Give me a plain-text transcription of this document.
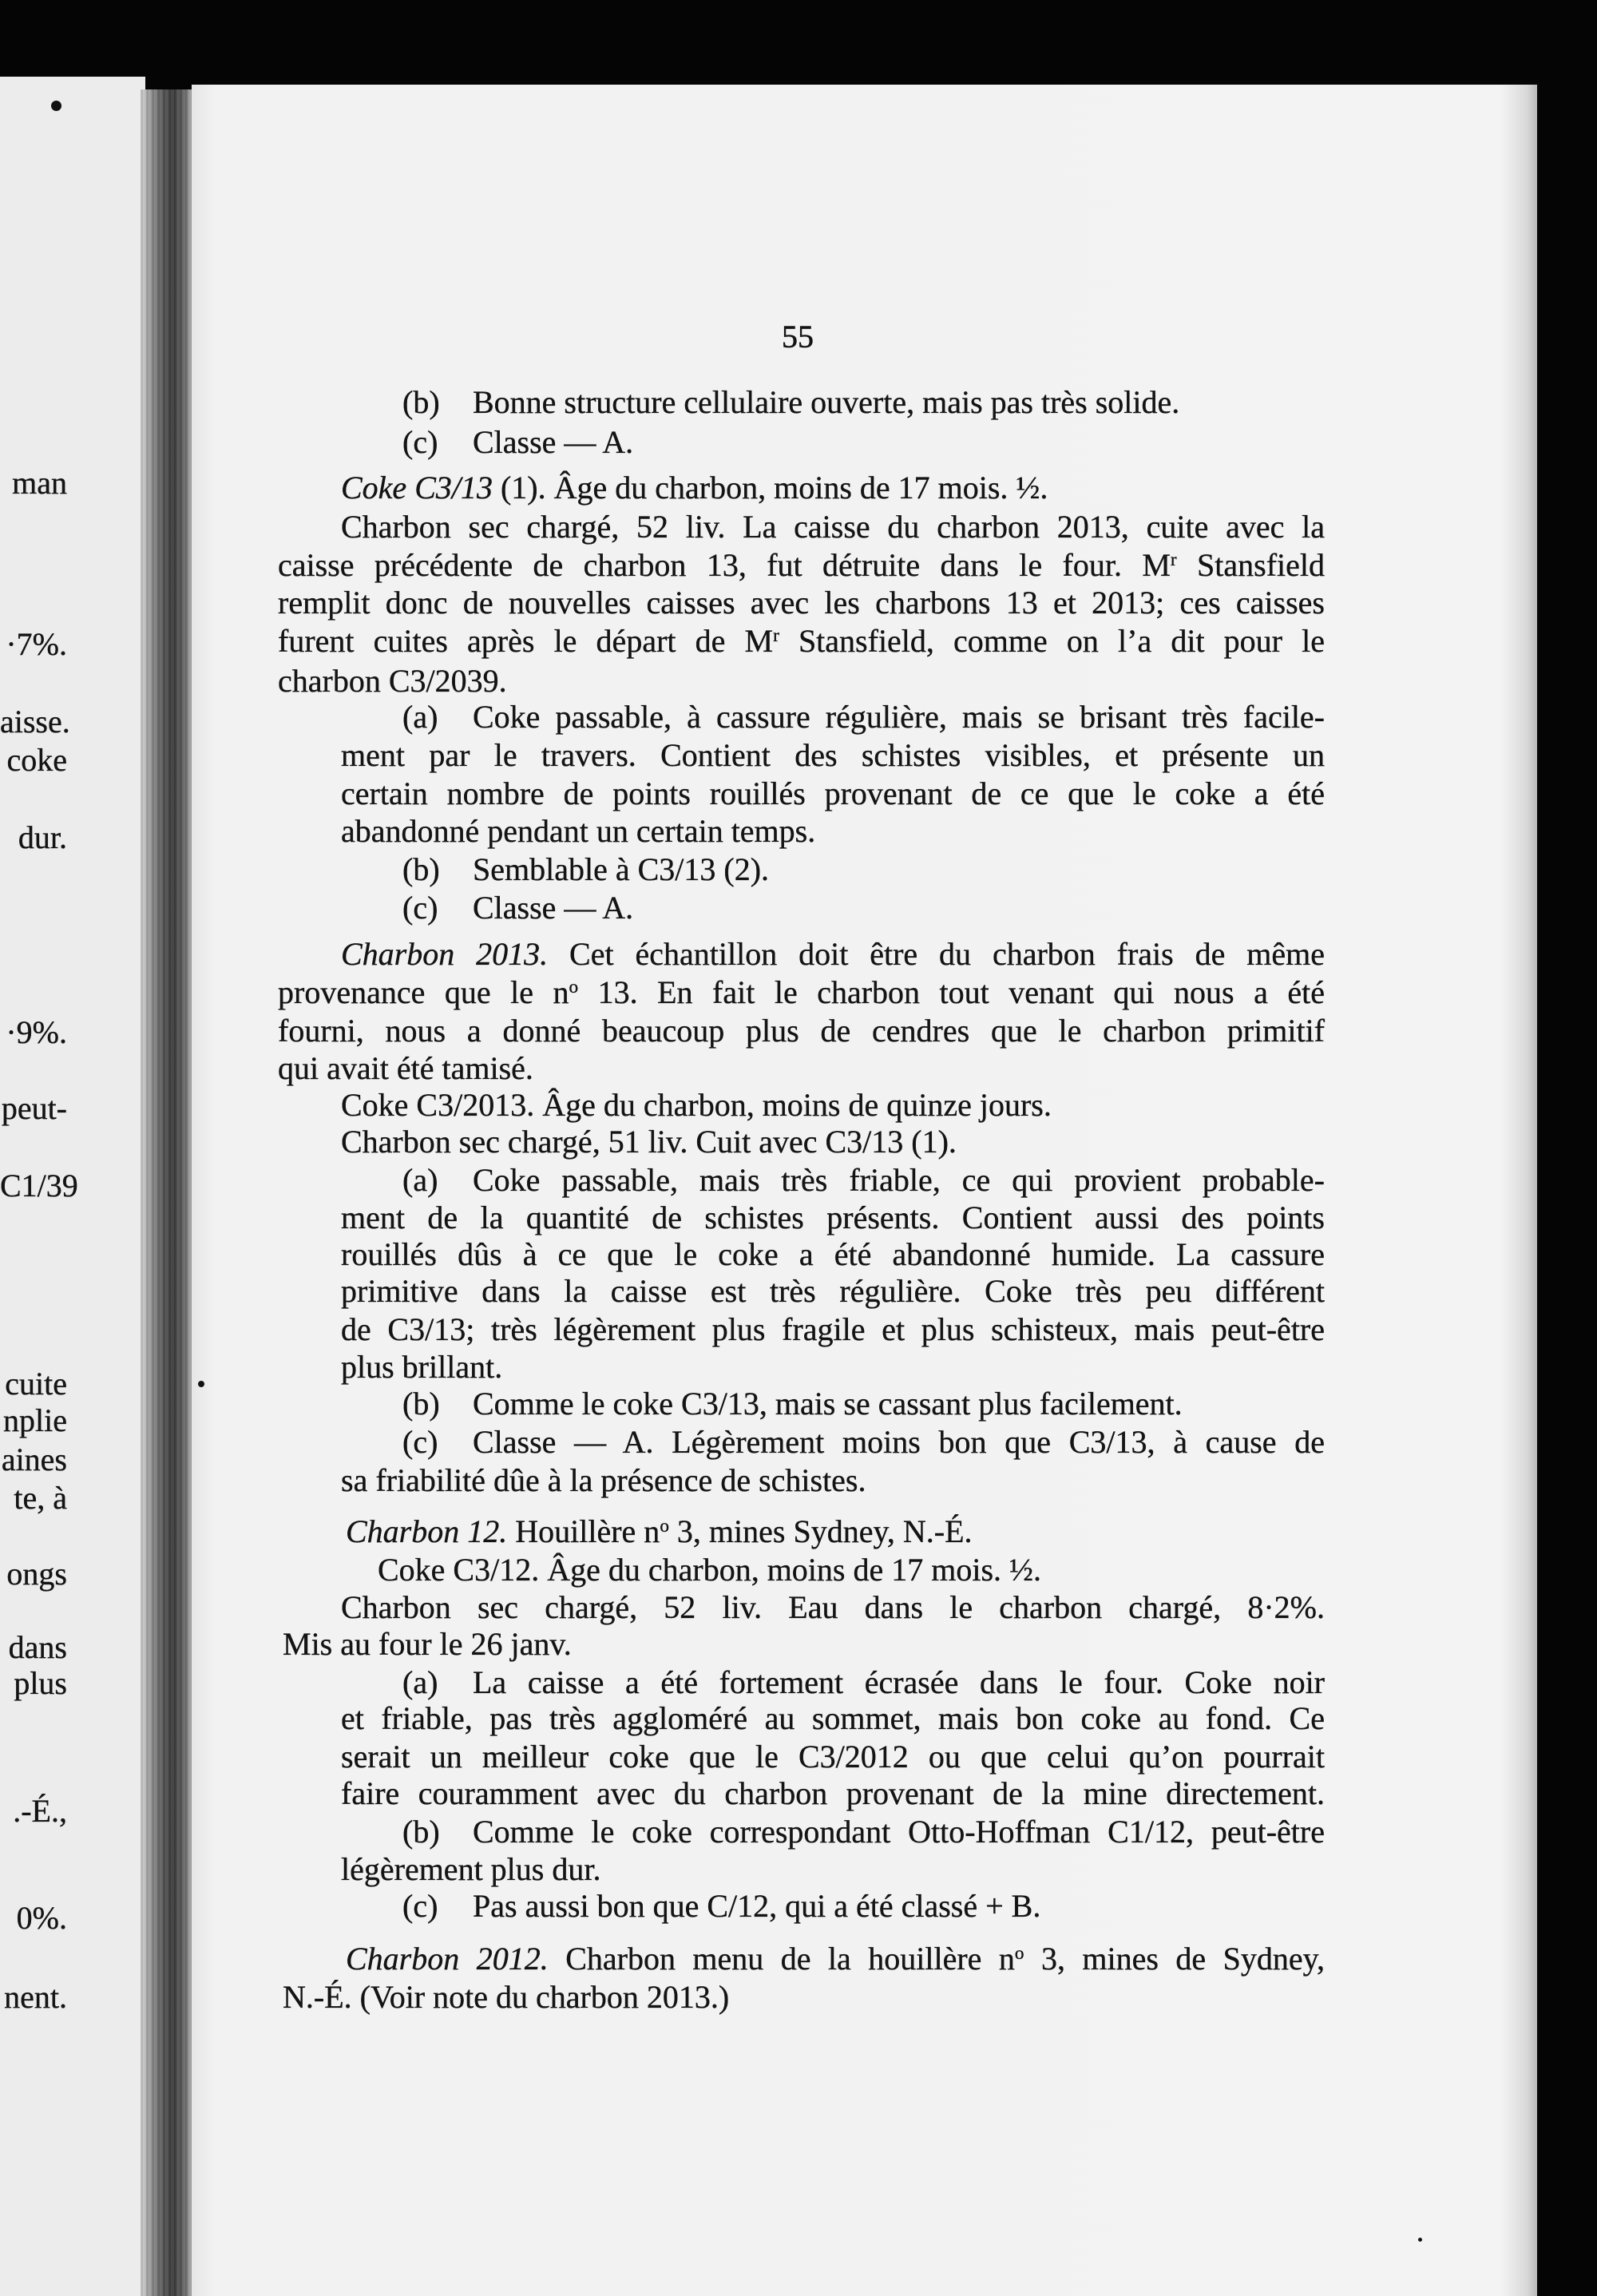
man
·7%.
aisse.
coke
dur.
·9%.
peut-
C1/39
cuite
nplie
aines
te, à
ongs
dans
plus
.-É.,
0%.
nent.
55
(b) Bonne structure cellulaire ouverte, mais pas très solide.
(c) Classe — A.
Coke C3/13 (1). Âge du charbon, moins de 17 mois. ½.
Charbon sec chargé, 52 liv. La caisse du charbon 2013, cuite avec la
caisse précédente de charbon 13, fut détruite dans le four. $M^r$ Stansfield
remplit donc de nouvelles caisses avec les charbons 13 et 2013; ces caisses
furent cuites après le départ de $M^r$ Stansfield, comme on l’a dit pour le
charbon C3/2039.
(a) Coke passable, à cassure régulière, mais se brisant très facile-
ment par le travers. Contient des schistes visibles, et présente un
certain nombre de points rouillés provenant de ce que le coke a été
abandonné pendant un certain temps.
(b) Semblable à C3/13 (2).
(c) Classe — A.
Charbon 2013. Cet échantillon doit être du charbon frais de même
provenance que le $n^o$ 13. En fait le charbon tout venant qui nous a été
fourni, nous a donné beaucoup plus de cendres que le charbon primitif
qui avait été tamisé.
Coke C3/2013. Âge du charbon, moins de quinze jours.
Charbon sec chargé, 51 liv. Cuit avec C3/13 (1).
(a) Coke passable, mais très friable, ce qui provient probable-
ment de la quantité de schistes présents. Contient aussi des points
rouillés dûs à ce que le coke a été abandonné humide. La cassure
primitive dans la caisse est très régulière. Coke très peu différent
de C3/13; très légèrement plus fragile et plus schisteux, mais peut-être
plus brillant.
(b) Comme le coke C3/13, mais se cassant plus facilement.
(c) Classe — A. Légèrement moins bon que C3/13, à cause de
sa friabilité dûe à la présence de schistes.
Charbon 12. Houillère $n^o$ 3, mines Sydney, N.-É.
Coke C3/12. Âge du charbon, moins de 17 mois. ½.
Charbon sec chargé, 52 liv. Eau dans le charbon chargé, 8·2%.
Mis au four le 26 janv.
(a) La caisse a été fortement écrasée dans le four. Coke noir
et friable, pas très aggloméré au sommet, mais bon coke au fond. Ce
serait un meilleur coke que le C3/2012 ou que celui qu’on pourrait
faire couramment avec du charbon provenant de la mine directement.
(b) Comme le coke correspondant Otto-Hoffman C1/12, peut-être
légèrement plus dur.
(c) Pas aussi bon que C/12, qui a été classé + B.
Charbon 2012. Charbon menu de la houillère $n^o$ 3, mines de Sydney,
N.-É. (Voir note du charbon 2013.)
